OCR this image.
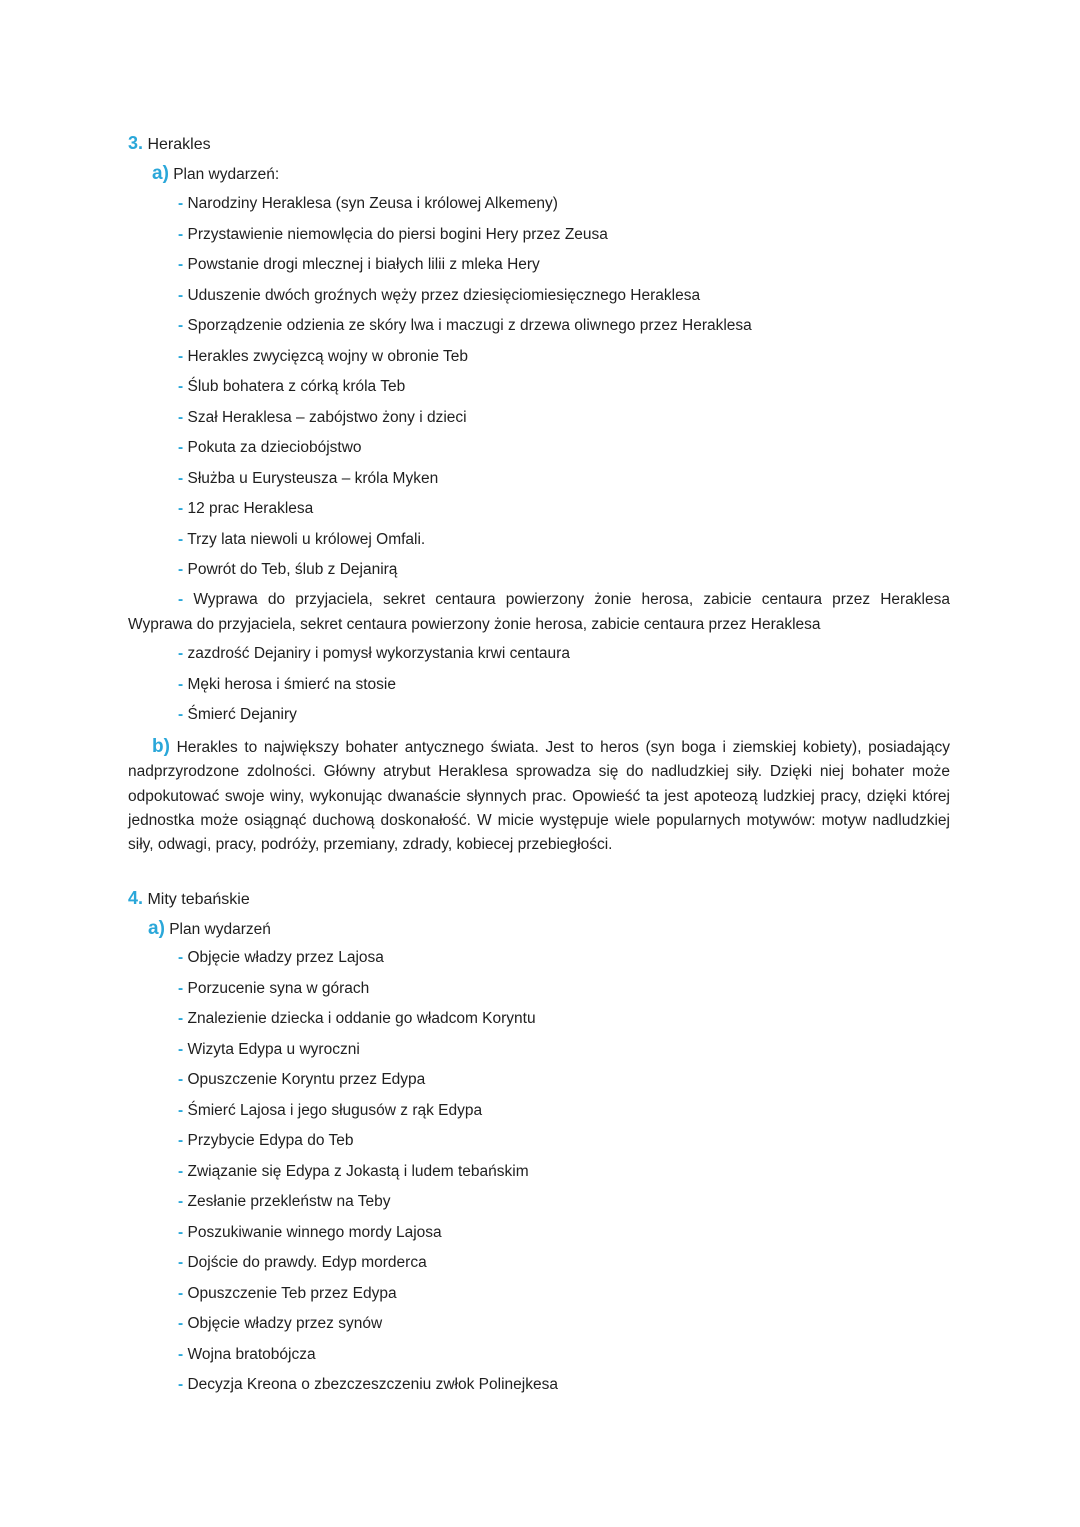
3. Herakles
a) Plan wydarzeń:
- Narodziny Heraklesa (syn Zeusa i królowej Alkemeny)
- Przystawienie niemowlęcia do piersi bogini Hery przez Zeusa
- Powstanie drogi mlecznej i białych lilii z mleka Hery
- Uduszenie dwóch groźnych węży przez dziesięciomiesięcznego Heraklesa
- Sporządzenie odzienia ze skóry lwa i maczugi z drzewa oliwnego przez Heraklesa
- Herakles zwycięzcą wojny w obronie Teb
- Ślub bohatera z córką króla Teb
- Szał Heraklesa – zabójstwo żony i dzieci
- Pokuta za dzieciobójstwo
- Służba u Eurysteusza – króla Myken
- 12 prac Heraklesa
- Trzy lata niewoli u królowej Omfali.
- Powrót do Teb, ślub z Dejanirą
- Wyprawa do przyjaciela, sekret centaura powierzony żonie herosa, zabicie centaura przez Heraklesa
Wyprawa do przyjaciela, sekret centaura powierzony żonie herosa, zabicie centaura przez Heraklesa
- zazdrość Dejaniry i pomysł wykorzystania krwi centaura
- Męki herosa i śmierć na stosie
- Śmierć Dejaniry
b) Herakles to największy bohater antycznego świata. Jest to heros (syn boga i ziemskiej kobiety), posiadający nadprzyrodzone zdolności. Główny atrybut Heraklesa sprowadza się do nadludzkiej siły. Dzięki niej bohater może odpokutować swoje winy, wykonując dwanaście słynnych prac. Opowieść ta jest apoteozą ludzkiej pracy, dzięki której jednostka może osiągnąć duchową doskonałość. W micie występuje wiele popularnych motywów: motyw nadludzkiej siły, odwagi, pracy, podróży, przemiany, zdrady, kobiecej przebiegłości.
4. Mity tebańskie
a) Plan wydarzeń
- Objęcie władzy przez Lajosa
- Porzucenie syna w górach
- Znalezienie dziecka i oddanie go władcom Koryntu
- Wizyta Edypa u wyroczni
- Opuszczenie Koryntu przez Edypa
- Śmierć Lajosa i jego sługusów z rąk Edypa
- Przybycie Edypa do Teb
- Związanie się Edypa z Jokastą i ludem tebańskim
- Zesłanie przekleństw na Teby
- Poszukiwanie winnego mordy Lajosa
- Dojście do prawdy. Edyp morderca
- Opuszczenie Teb przez Edypa
- Objęcie władzy przez synów
- Wojna bratobójcza
- Decyzja Kreona o zbezczeszczeniu zwłok Polinejkesa
